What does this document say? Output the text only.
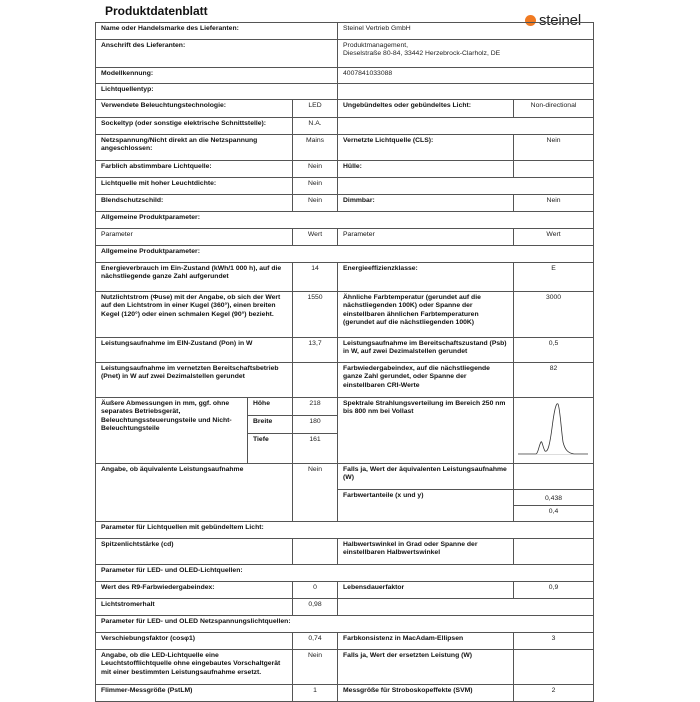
Produktdatenblatt
steinel
Name oder Handelsmarke des Lieferanten:			Steinel Vertrieb GmbH	
Anschrift des Lieferanten:			Produktmanagement,
Dieselstraße 80-84, 33442 Herzebrock-Clarholz, DE	

Modellkennung:			4007841033088	
Lichtquellentyp:				
Verwendete Beleuchtungstechnologie:		LED	Ungebündeltes oder gebündeltes Licht:	Non-directional
Sockeltyp (oder sonstige elektrische Schnittstelle):		N.A.		
Netzspannung/Nicht direkt an die Netzspannung angeschlossen:		Mains	Vernetzte Lichtquelle (CLS):	Nein
Farblich abstimmbare Lichtquelle:		Nein	Hülle:	
Lichtquelle mit hoher Leuchtdichte:		Nein		
Blendschutzschild:		Nein	Dimmbar:	Nein
Allgemeine Produktparameter:				
Parameter		Wert	Parameter	Wert
Allgemeine Produktparameter:				
Energieverbrauch im Ein-Zustand (kWh/1 000 h), auf die nächstliegende ganze Zahl aufgerundet		14	Energieeffizienzklasse:	E
Nutzlichtstrom (Φuse) mit der Angabe, ob sich der Wert auf den Lichtstrom in einer Kugel (360°), einen breiten Kegel (120°) oder einen schmalen Kegel (90°) bezieht.		1550	Ähnliche Farbtemperatur (gerundet auf die nächstliegenden 100K) oder Spanne der einstellbaren ähnlichen Farbtemperaturen (gerundet auf die nächstliegenden 100K)	3000
Leistungsaufnahme im EIN-Zustand (Pon) in W		13,7	Leistungsaufnahme im Bereitschaftszustand (Psb) in W, auf zwei Dezimalstellen gerundet	0,5
Leistungsaufnahme im vernetzten Bereitschaftsbetrieb (Pnet) in W auf zwei Dezimalstellen gerundet			Farbwiedergabeindex, auf die nächstliegende ganze Zahl gerundet, oder Spanne der einstellbaren CRI-Werte	82
Äußere Abmessungen in mm, ggf. ohne separates Betriebsgerät, Beleuchtungssteuerungsteile und Nicht-Beleuchtungsteile	Höhe	218	Spektrale Strahlungsverteilung im Bereich 250 nm bis 800 nm bei Vollast

	Breite	180		
	Tiefe	161		
Angabe, ob äquivalente Leistungsaufnahme		Nein	Falls ja, Wert der äquivalenten Leistungsaufnahme (W)	
			Farbwertanteile (x und y)	0,438
				0,4
Parameter für Lichtquellen mit gebündeltem Licht:				
Spitzenlichtstärke (cd)			Halbwertswinkel in Grad oder Spanne der einstellbaren Halbwertswinkel	
Parameter für LED- und OLED-Lichtquellen:				
Wert des R9-Farbwiedergabeindex:		0	Lebensdauerfaktor	0,9
Lichtstromerhalt		0,98		
Parameter für LED- und OLED Netzspannungslichtquellen:				
Verschiebungsfaktor (cosφ1)		0,74	Farbkonsistenz in MacAdam-Ellipsen	3
Angabe, ob die LED-Lichtquelle eine Leuchtstofflichtquelle ohne eingebautes Vorschaltgerät mit einer bestimmten Leistungsaufnahme ersetzt.		Nein	Falls ja, Wert der ersetzten Leistung (W)	
Flimmer-Messgröße (PstLM)		1	Messgröße für Stroboskopeffekte (SVM)	2
